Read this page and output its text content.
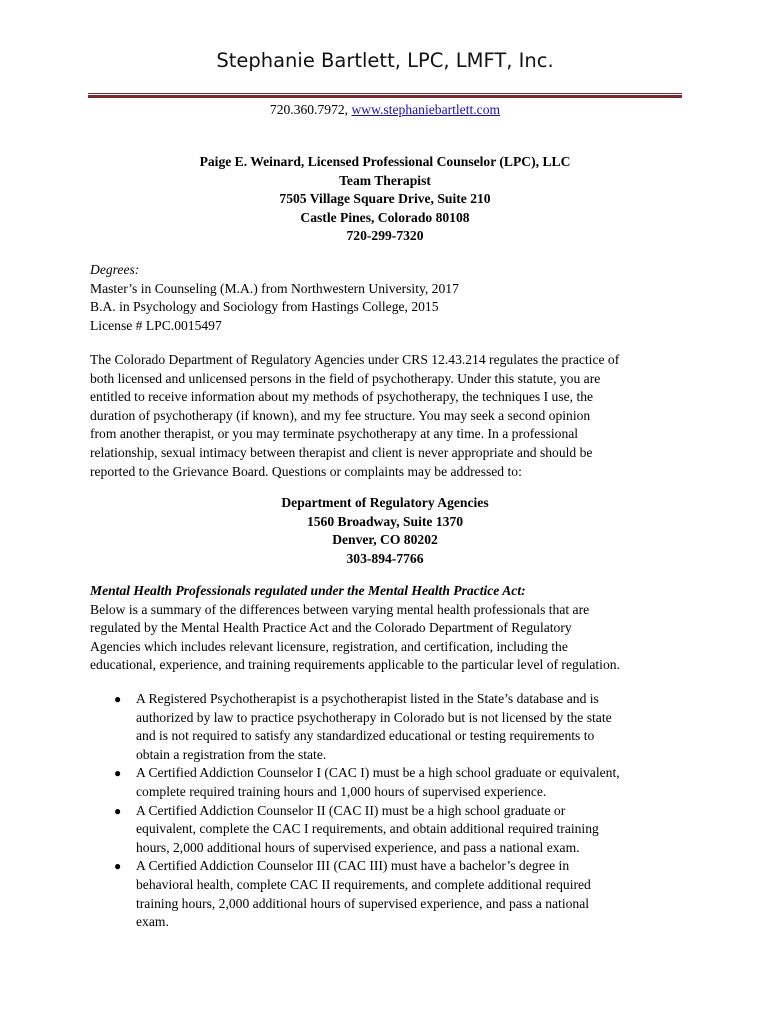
Stephanie Bartlett, LPC, LMFT, Inc.
720.360.7972, www.stephaniebartlett.com
Paige E. Weinard, Licensed Professional Counselor (LPC), LLC
Team Therapist
7505 Village Square Drive, Suite 210
Castle Pines, Colorado 80108
720-299-7320
Degrees:
Master’s in Counseling (M.A.) from Northwestern University, 2017
B.A. in Psychology and Sociology from Hastings College, 2015
License # LPC.0015497
The Colorado Department of Regulatory Agencies under CRS 12.43.214 regulates the practice of
both licensed and unlicensed persons in the field of psychotherapy. Under this statute, you are
entitled to receive information about my methods of psychotherapy, the techniques I use, the
duration of psychotherapy (if known), and my fee structure. You may seek a second opinion
from another therapist, or you may terminate psychotherapy at any time. In a professional
relationship, sexual intimacy between therapist and client is never appropriate and should be
reported to the Grievance Board. Questions or complaints may be addressed to:
Department of Regulatory Agencies
1560 Broadway, Suite 1370
Denver, CO 80202
303-894-7766
Mental Health Professionals regulated under the Mental Health Practice Act:
Below is a summary of the differences between varying mental health professionals that are
regulated by the Mental Health Practice Act and the Colorado Department of Regulatory
Agencies which includes relevant licensure, registration, and certification, including the
educational, experience, and training requirements applicable to the particular level of regulation.
● A Registered Psychotherapist is a psychotherapist listed in the State’s database and is
authorized by law to practice psychotherapy in Colorado but is not licensed by the state
and is not required to satisfy any standardized educational or testing requirements to
obtain a registration from the state.
● A Certified Addiction Counselor I (CAC I) must be a high school graduate or equivalent,
complete required training hours and 1,000 hours of supervised experience.
● A Certified Addiction Counselor II (CAC II) must be a high school graduate or
equivalent, complete the CAC I requirements, and obtain additional required training
hours, 2,000 additional hours of supervised experience, and pass a national exam.
● A Certified Addiction Counselor III (CAC III) must have a bachelor’s degree in
behavioral health, complete CAC II requirements, and complete additional required
training hours, 2,000 additional hours of supervised experience, and pass a national
exam.
